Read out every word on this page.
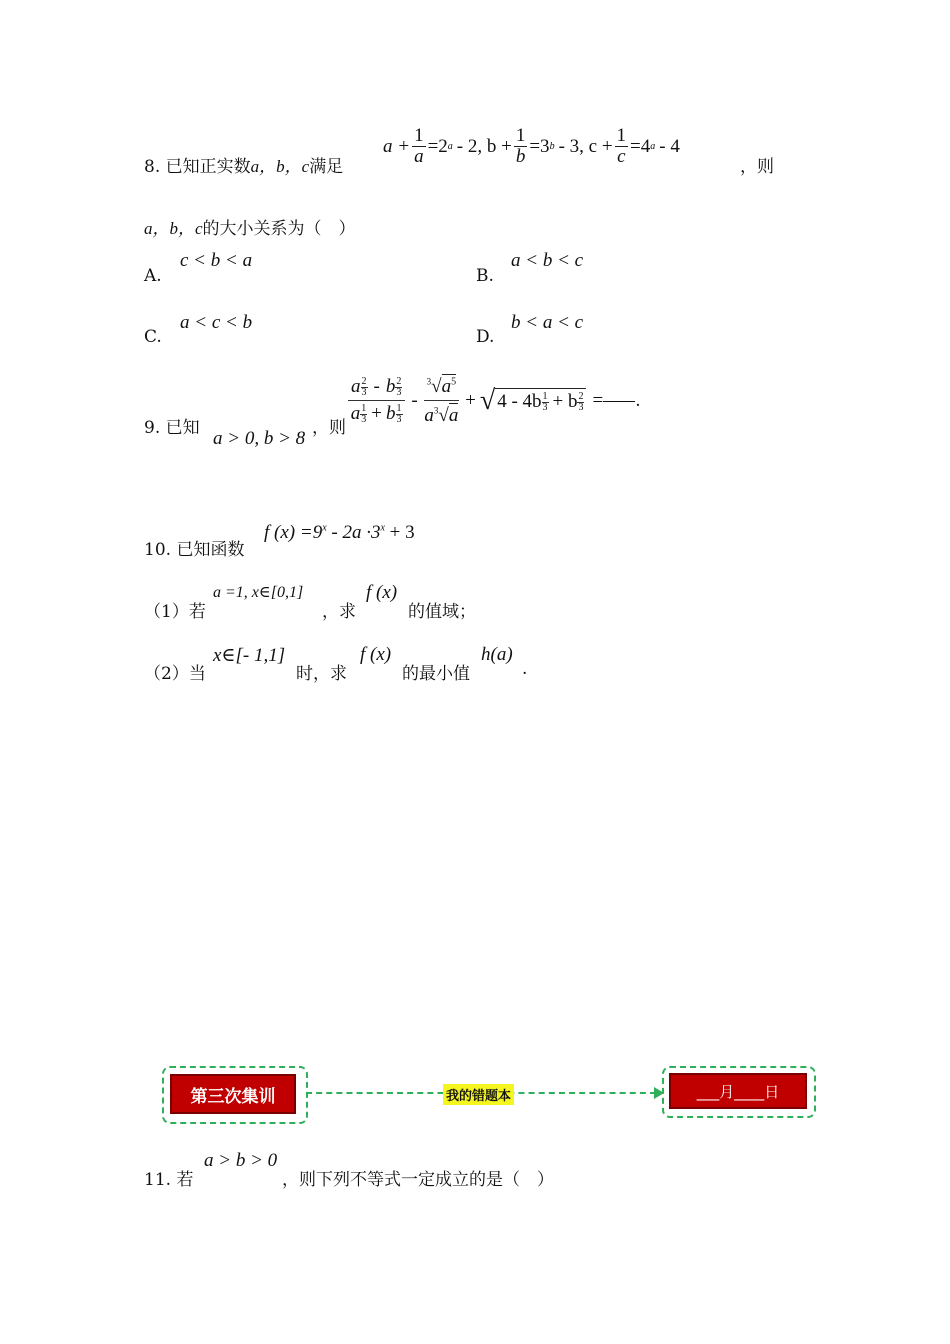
8. 已知正实数a，b，c满足
$a + \frac{1}{a} =2$ a - 2, $b + \frac{1}{b} =3$ b - 3, $c + \frac{1}{c} =4$ a - 4
，则
a，b，c的大小关系为（　）
A.
c < b < a
B.
a < b < c
C.
a < c < b
D.
b < a < c
9. 已知 a > 0, b > 8 ，则
$\frac{a \frac{2}{3} - b \frac{2}{3}}{a \frac{1}{3} + b \frac{1}{3}} - \frac{^3√a^5}{a^3√a}$ + √ $4 - 4b \frac{1}{3} + b \frac{2}{3}$ = .
10. 已知函数
f $(x) =9^x - 2a \cdot 3^x + 3$
（1）若
a =1, x∈[0,1]
，求
f (x)
的值域；
（2）当
x∈[- 1,1]
时，求
f (x)
的最小值
h(a)
.
第三次集训	我的错题本	___月____日
11. 若
a > b > 0
，则下列不等式一定成立的是（　）
